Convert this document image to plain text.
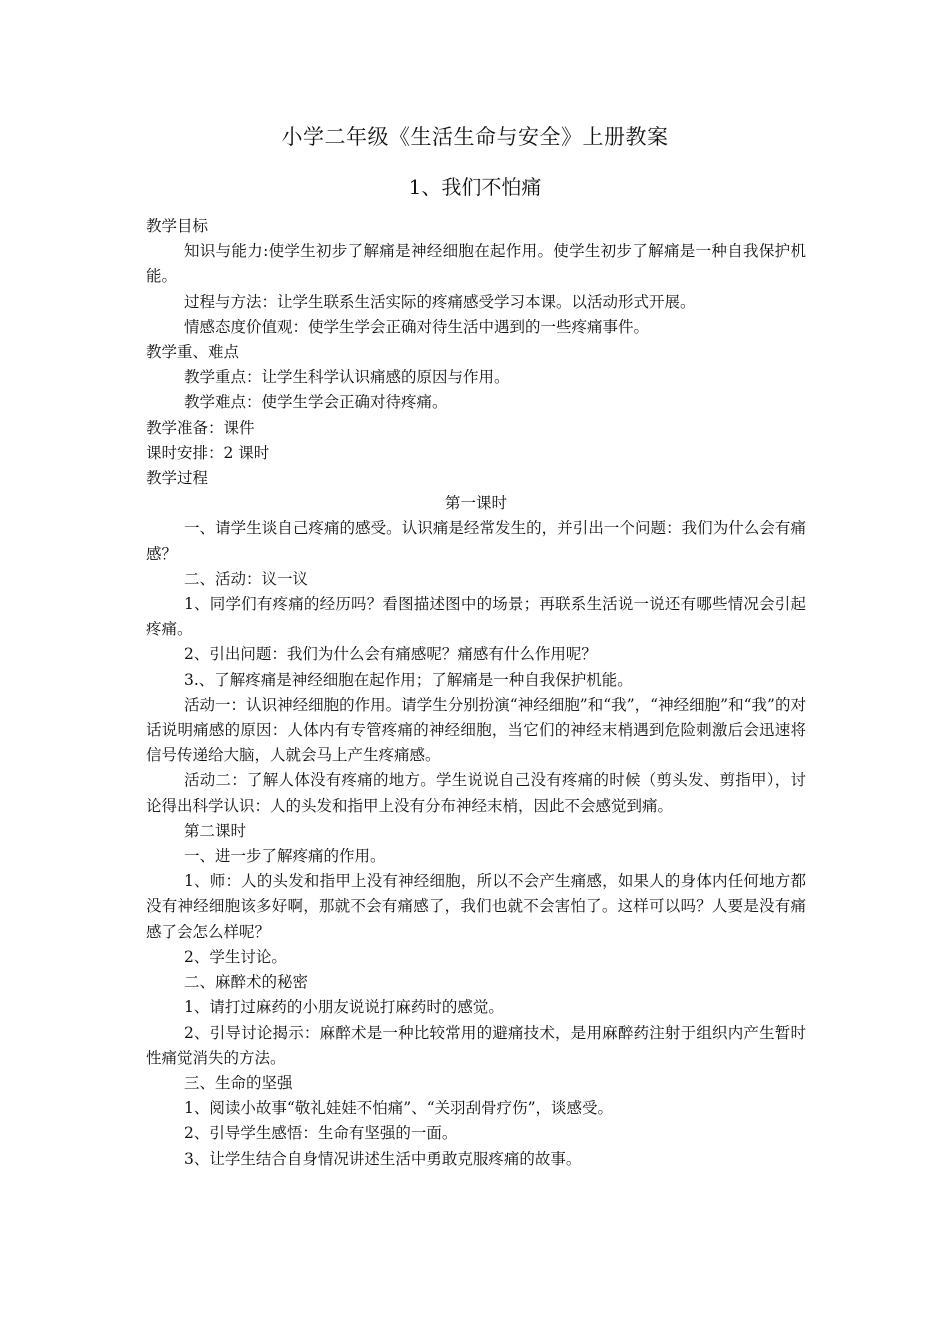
小学二年级《生活生命与安全》上册教案
1、我们不怕痛

教学目标

知识与能力:使学生初步了解痛是神经细胞在起作用。使学生初步了解痛是一种自我保护机能。

过程与方法：让学生联系生活实际的疼痛感受学习本课。以活动形式开展。

情感态度价值观：使学生学会正确对待生活中遇到的一些疼痛事件。

教学重、难点

教学重点：让学生科学认识痛感的原因与作用。

教学难点：使学生学会正确对待疼痛。

教学准备：课件

课时安排：2 课时

教学过程

第一课时

一、请学生谈自己疼痛的感受。认识痛是经常发生的，并引出一个问题：我们为什么会有痛感？

二、活动：议一议

1、同学们有疼痛的经历吗？看图描述图中的场景；再联系生活说一说还有哪些情况会引起疼痛。

2、引出问题：我们为什么会有痛感呢？痛感有什么作用呢？

3.、了解疼痛是神经细胞在起作用；了解痛是一种自我保护机能。

活动一：认识神经细胞的作用。请学生分别扮演“神经细胞”和“我”，“神经细胞”和“我”的对话说明痛感的原因：人体内有专管疼痛的神经细胞，当它们的神经末梢遇到危险刺激后会迅速将信号传递给大脑，人就会马上产生疼痛感。

活动二：了解人体没有疼痛的地方。学生说说自己没有疼痛的时候（剪头发、剪指甲），讨论得出科学认识：人的头发和指甲上没有分布神经末梢，因此不会感觉到痛。

第二课时

一、进一步了解疼痛的作用。

1、师：人的头发和指甲上没有神经细胞，所以不会产生痛感，如果人的身体内任何地方都没有神经细胞该多好啊，那就不会有痛感了，我们也就不会害怕了。这样可以吗？人要是没有痛感了会怎么样呢？

2、学生讨论。

二、麻醉术的秘密

1、请打过麻药的小朋友说说打麻药时的感觉。

2、引导讨论揭示：麻醉术是一种比较常用的避痛技术，是用麻醉药注射于组织内产生暂时性痛觉消失的方法。

三、生命的坚强

1、阅读小故事“敬礼娃娃不怕痛”、“关羽刮骨疗伤”，谈感受。

2、引导学生感悟：生命有坚强的一面。

3、让学生结合自身情况讲述生活中勇敢克服疼痛的故事。
